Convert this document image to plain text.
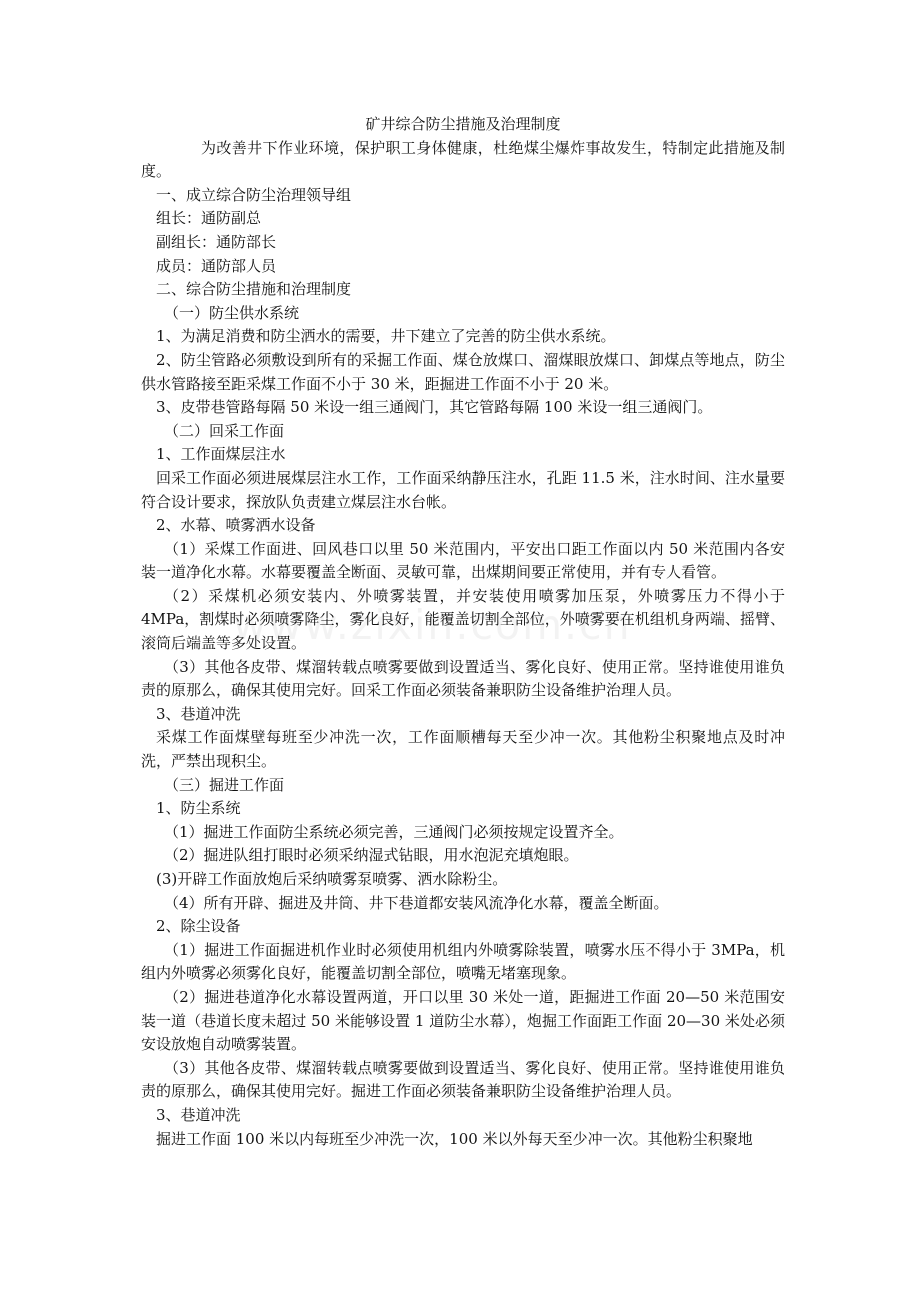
矿井综合防尘措施及治理制度

为改善井下作业环境，保护职工身体健康，杜绝煤尘爆炸事故发生，特制定此措施及制度。

一、成立综合防尘治理领导组

组长：通防副总

副组长：通防部长

成员：通防部人员

二、综合防尘措施和治理制度

（一）防尘供水系统

1、为满足消费和防尘洒水的需要，井下建立了完善的防尘供水系统。

2、防尘管路必须敷设到所有的采掘工作面、煤仓放煤口、溜煤眼放煤口、卸煤点等地点，防尘供水管路接至距采煤工作面不小于 30 米，距掘进工作面不小于 20 米。

3、皮带巷管路每隔 50 米设一组三通阀门，其它管路每隔 100 米设一组三通阀门。

（二）回采工作面

1、工作面煤层注水

回采工作面必须进展煤层注水工作，工作面采纳静压注水，孔距 11.5 米，注水时间、注水量要符合设计要求，探放队负责建立煤层注水台帐。

2、水幕、喷雾洒水设备

（1）采煤工作面进、回风巷口以里 50 米范围内，平安出口距工作面以内 50 米范围内各安装一道净化水幕。水幕要覆盖全断面、灵敏可靠，出煤期间要正常使用，并有专人看管。

（2）采煤机必须安装内、外喷雾装置，并安装使用喷雾加压泵，外喷雾压力不得小于 4MPa，割煤时必须喷雾降尘，雾化良好，能覆盖切割全部位，外喷雾要在机组机身两端、摇臂、滚筒后端盖等多处设置。

（3）其他各皮带、煤溜转载点喷雾要做到设置适当、雾化良好、使用正常。坚持谁使用谁负责的原那么，确保其使用完好。回采工作面必须装备兼职防尘设备维护治理人员。

3、巷道冲洗

采煤工作面煤壁每班至少冲洗一次，工作面顺槽每天至少冲一次。其他粉尘积聚地点及时冲洗，严禁出现积尘。

（三）掘进工作面

1、防尘系统

（1）掘进工作面防尘系统必须完善，三通阀门必须按规定设置齐全。

（2）掘进队组打眼时必须采纳湿式钻眼，用水泡泥充填炮眼。

(3)开辟工作面放炮后采纳喷雾泵喷雾、洒水除粉尘。

（4）所有开辟、掘进及井筒、井下巷道都安装风流净化水幕，覆盖全断面。

2、除尘设备

（1）掘进工作面掘进机作业时必须使用机组内外喷雾除装置，喷雾水压不得小于 3MPa，机组内外喷雾必须雾化良好，能覆盖切割全部位，喷嘴无堵塞现象。

（2）掘进巷道净化水幕设置两道，开口以里 30 米处一道，距掘进工作面 20—50 米范围安装一道（巷道长度未超过 50 米能够设置 1 道防尘水幕），炮掘工作面距工作面 20—30 米处必须安设放炮自动喷雾装置。

（3）其他各皮带、煤溜转载点喷雾要做到设置适当、雾化良好、使用正常。坚持谁使用谁负责的原那么，确保其使用完好。掘进工作面必须装备兼职防尘设备维护治理人员。

3、巷道冲洗

掘进工作面 100 米以内每班至少冲洗一次，100 米以外每天至少冲一次。其他粉尘积聚地
